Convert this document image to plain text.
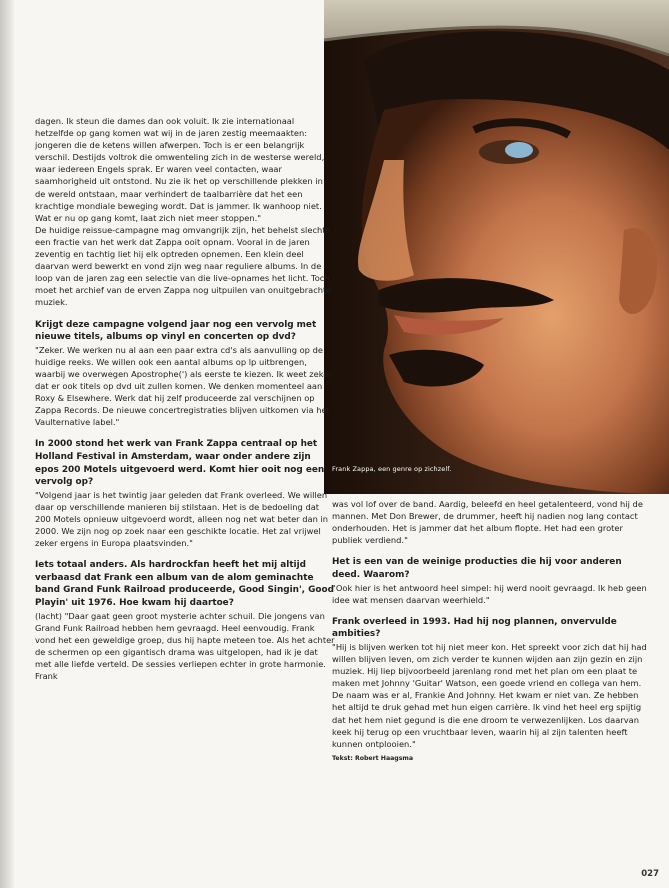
Frank Zappa, een genre op zichzelf.

dagen. Ik steun die dames dan ook voluit. Ik zie internationaal hetzelfde op gang komen wat wij in de jaren zestig meemaakten: jongeren die de ketens willen afwerpen. Toch is er een belangrijk verschil. Destijds voltrok die omwenteling zich in de westerse wereld, waar iedereen Engels sprak. Er waren veel contacten, waar saamhorigheid uit ontstond. Nu zie ik het op verschillende plekken in de wereld ontstaan, maar verhindert de taalbarrière dat het een krachtige mondiale beweging wordt. Dat is jammer. Ik wanhoop niet. Wat er nu op gang komt, laat zich niet meer stoppen."

De huidige reissue-campagne mag omvangrijk zijn, het behelst slechts een fractie van het werk dat Zappa ooit opnam. Vooral in de jaren zeventig en tachtig liet hij elk optreden opnemen. Een klein deel daarvan werd bewerkt en vond zijn weg naar reguliere albums. In de loop van de jaren zag een selectie van die live-opnames het licht. Toch moet het archief van de erven Zappa nog uitpuilen van onuitgebrachte muziek.

Krijgt deze campagne volgend jaar nog een vervolg met nieuwe titels, albums op vinyl en concerten op dvd?

"Zeker. We werken nu al aan een paar extra cd's als aanvulling op de huidige reeks. We willen ook een aantal albums op lp uitbrengen, waarbij we overwegen Apostrophe(') als eerste te kiezen. Ik weet zeker dat er ook titels op dvd uit zullen komen. We denken momenteel aan Roxy & Elsewhere. Werk dat hij zelf produceerde zal verschijnen op Zappa Records. De nieuwe concertregistraties blijven uitkomen via het Vaulternative label."

In 2000 stond het werk van Frank Zappa centraal op het Holland Festival in Amsterdam, waar onder andere zijn epos 200 Motels uitgevoerd werd. Komt hier ooit nog een vervolg op?

"Volgend jaar is het twintig jaar geleden dat Frank overleed. We willen daar op verschillende manieren bij stilstaan. Het is de bedoeling dat 200 Motels opnieuw uitgevoerd wordt, alleen nog net wat beter dan in 2000. We zijn nog op zoek naar een geschikte locatie. Het zal vrijwel zeker ergens in Europa plaatsvinden."

Iets totaal anders. Als hardrockfan heeft het mij altijd verbaasd dat Frank een album van de alom geminachte band Grand Funk Railroad produceerde, Good Singin', Good Playin' uit 1976. Hoe kwam hij daartoe?

(lacht) "Daar gaat geen groot mysterie achter schuil. Die jongens van Grand Funk Railroad hebben hem gevraagd. Heel eenvoudig. Frank vond het een geweldige groep, dus hij hapte meteen toe. Als het achter de schermen op een gigantisch drama was uitgelopen, had ik je dat met alle liefde verteld. De sessies verliepen echter in grote harmonie. Frank

was vol lof over de band. Aardig, beleefd en heel getalenteerd, vond hij de mannen. Met Don Brewer, de drummer, heeft hij nadien nog lang contact onderhouden. Het is jammer dat het album flopte. Het had een groter publiek verdiend."

Het is een van de weinige producties die hij voor anderen deed. Waarom?

"Ook hier is het antwoord heel simpel: hij werd nooit gevraagd. Ik heb geen idee wat mensen daarvan weerhield."

Frank overleed in 1993. Had hij nog plannen, onvervulde ambities?

"Hij is blijven werken tot hij niet meer kon. Het spreekt voor zich dat hij had willen blijven leven, om zich verder te kunnen wijden aan zijn gezin en zijn muziek. Hij liep bijvoorbeeld jarenlang rond met het plan om een plaat te maken met Johnny 'Guitar' Watson, een goede vriend en collega van hem. De naam was er al, Frankie And Johnny. Het kwam er niet van. Ze hebben het altijd te druk gehad met hun eigen carrière. Ik vind het heel erg spijtig dat het hem niet gegund is die ene droom te verwezenlijken. Los daarvan keek hij terug op een vruchtbaar leven, waarin hij al zijn talenten heeft kunnen ontplooien."

Tekst: Robert Haagsma
027
